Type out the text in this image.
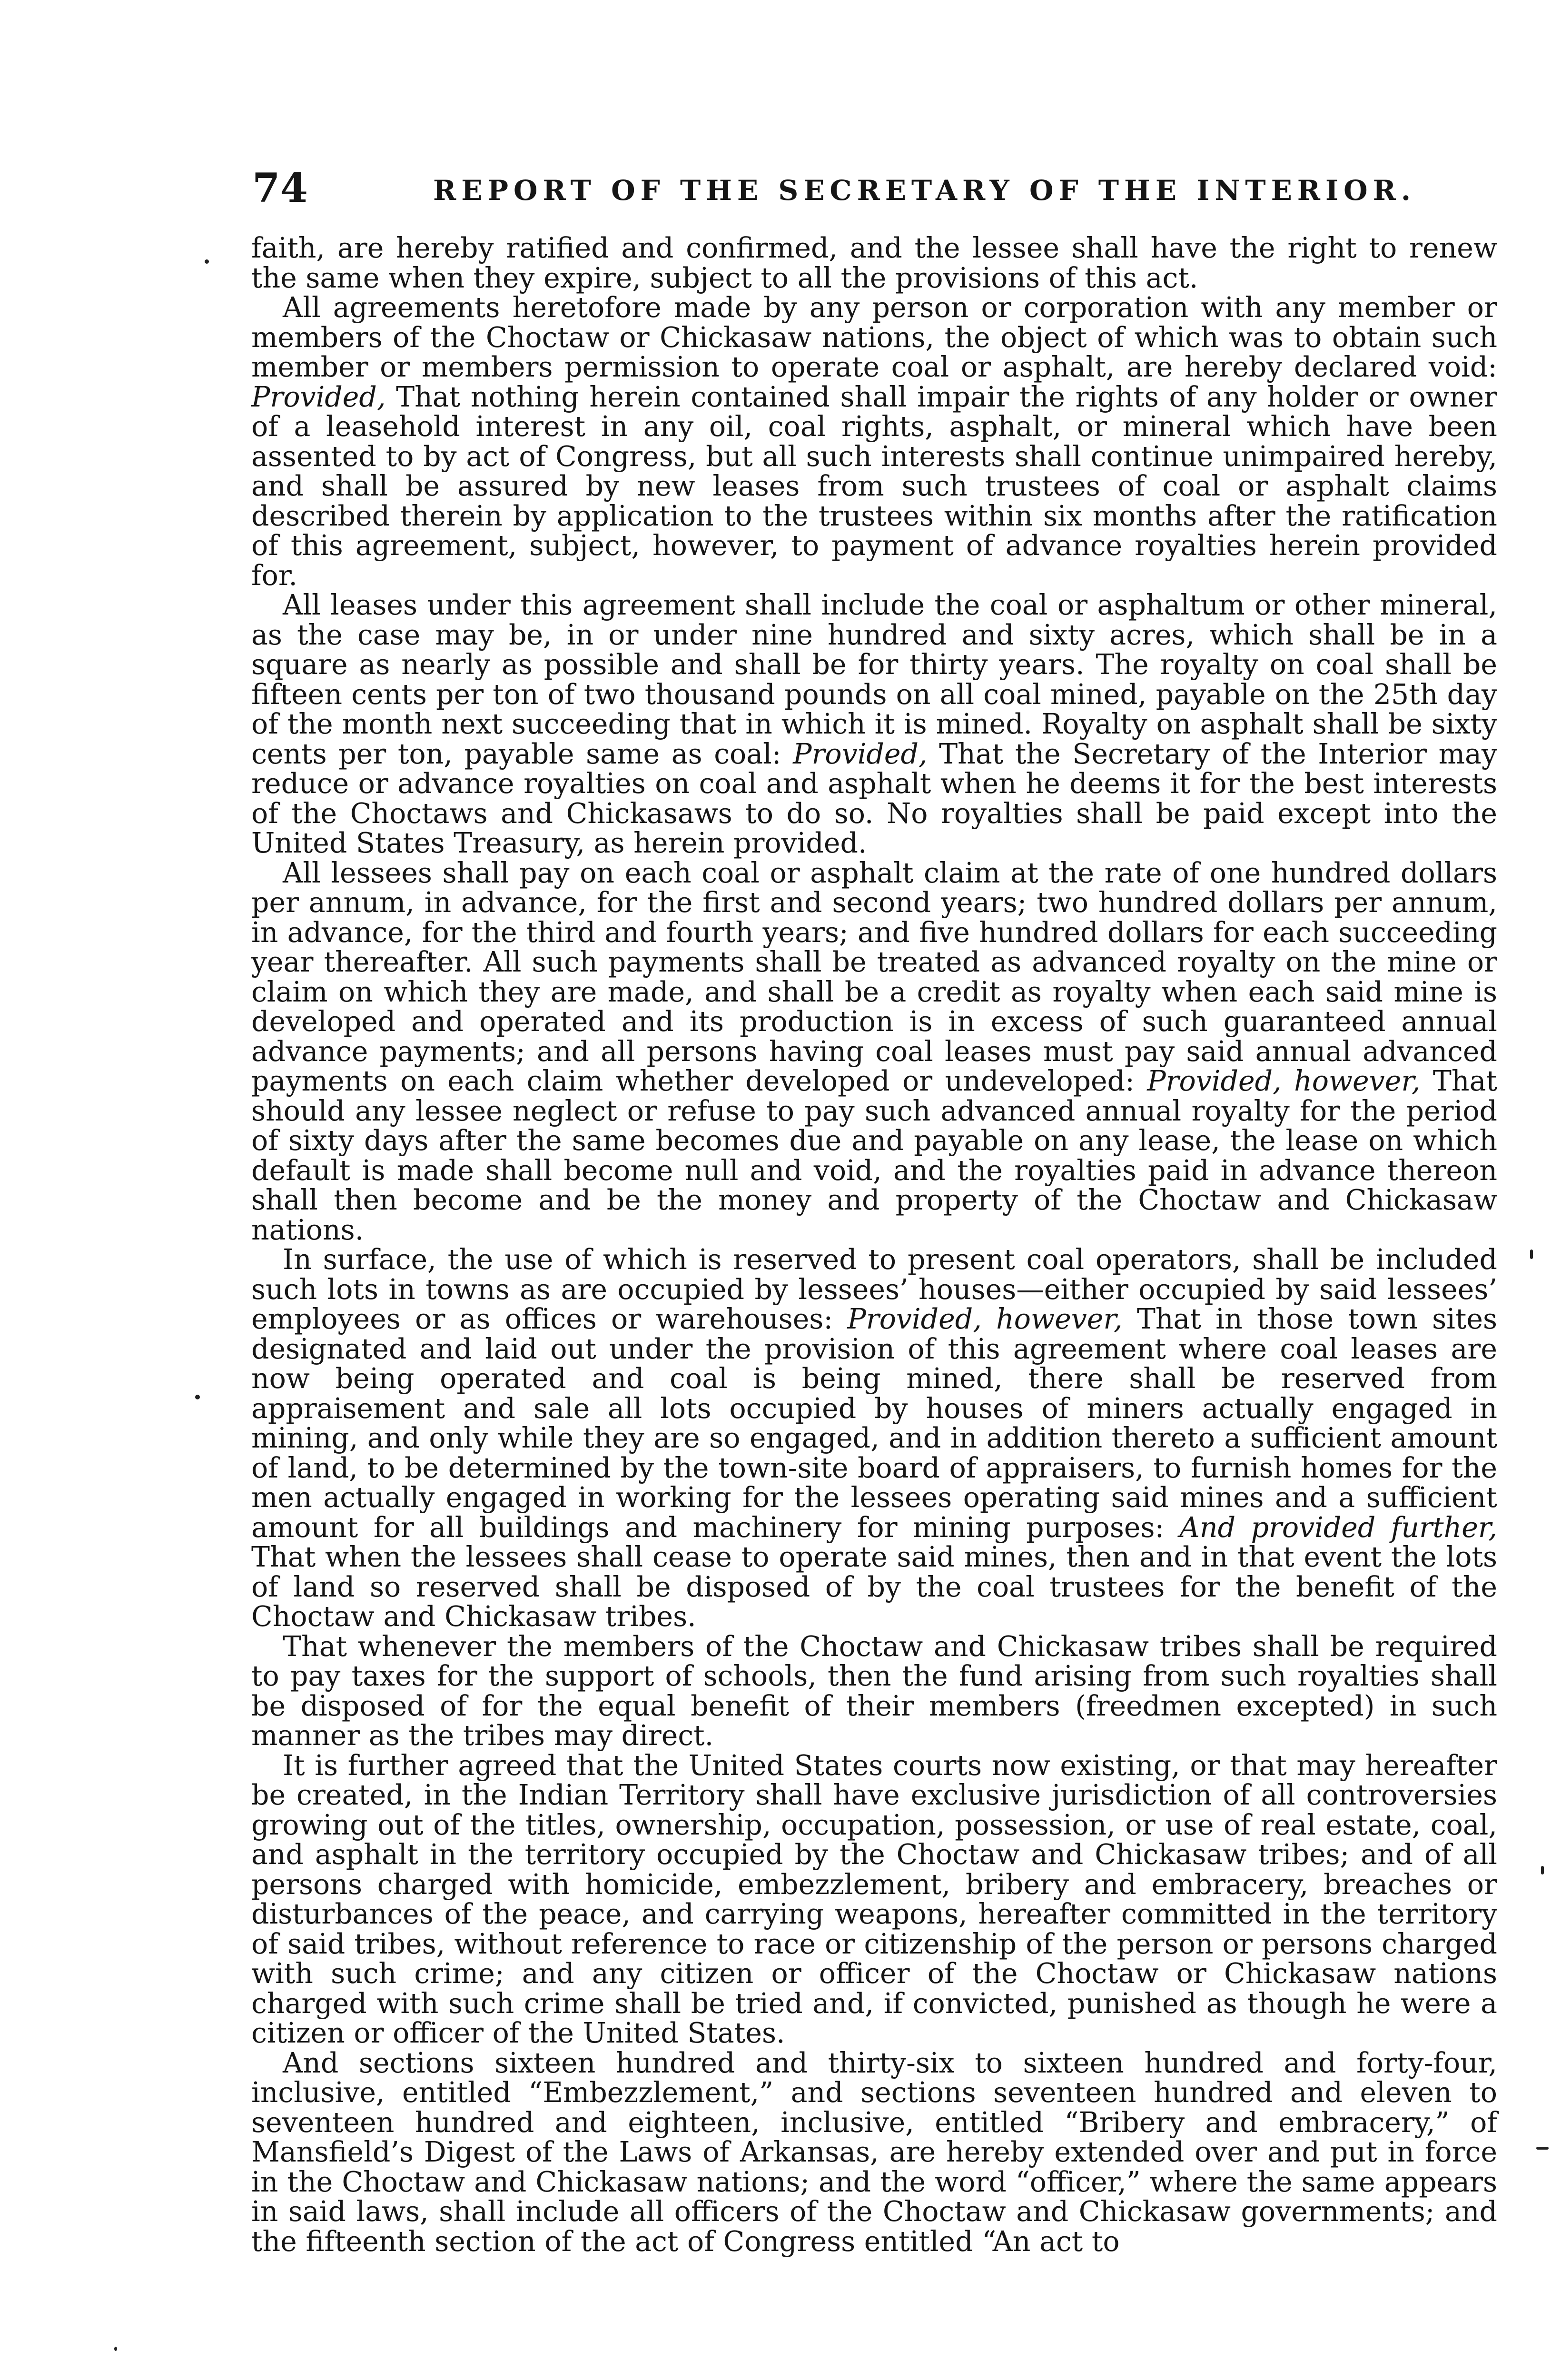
74	REPORT OF THE SECRETARY OF THE INTERIOR.

faith, are hereby ratified and confirmed, and the lessee shall have the right to renew the same when they expire, subject to all the provisions of this act.

All agreements heretofore made by any person or corporation with any member or members of the Choctaw or Chickasaw nations, the object of which was to obtain such member or members permission to operate coal or asphalt, are hereby declared void: Provided, That nothing herein contained shall impair the rights of any holder or owner of a leasehold interest in any oil, coal rights, asphalt, or mineral which have been assented to by act of Congress, but all such interests shall continue unimpaired hereby, and shall be assured by new leases from such trustees of coal or asphalt claims described therein by application to the trustees within six months after the ratification of this agreement, subject, however, to payment of advance royalties herein provided for.

All leases under this agreement shall include the coal or asphaltum or other mineral, as the case may be, in or under nine hundred and sixty acres, which shall be in a square as nearly as possible and shall be for thirty years. The royalty on coal shall be fifteen cents per ton of two thousand pounds on all coal mined, payable on the 25th day of the month next succeeding that in which it is mined. Royalty on asphalt shall be sixty cents per ton, payable same as coal: Provided, That the Secretary of the Interior may reduce or advance royalties on coal and asphalt when he deems it for the best interests of the Choctaws and Chickasaws to do so. No royalties shall be paid except into the United States Treasury, as herein provided.

All lessees shall pay on each coal or asphalt claim at the rate of one hundred dollars per annum, in advance, for the first and second years; two hundred dollars per annum, in advance, for the third and fourth years; and five hundred dollars for each succeeding year thereafter. All such payments shall be treated as advanced royalty on the mine or claim on which they are made, and shall be a credit as royalty when each said mine is developed and operated and its production is in excess of such guaranteed annual advance payments; and all persons having coal leases must pay said annual advanced payments on each claim whether developed or undeveloped: Provided, however, That should any lessee neglect or refuse to pay such advanced annual royalty for the period of sixty days after the same becomes due and payable on any lease, the lease on which default is made shall become null and void, and the royalties paid in advance thereon shall then become and be the money and property of the Choctaw and Chickasaw nations.

In surface, the use of which is reserved to present coal operators, shall be included such lots in towns as are occupied by lessees’ houses—either occupied by said lessees’ employees or as offices or warehouses: Provided, however, That in those town sites designated and laid out under the provision of this agreement where coal leases are now being operated and coal is being mined, there shall be reserved from appraisement and sale all lots occupied by houses of miners actually engaged in mining, and only while they are so engaged, and in addition thereto a sufficient amount of land, to be determined by the town-site board of appraisers, to furnish homes for the men actually engaged in working for the lessees operating said mines and a sufficient amount for all buildings and machinery for mining purposes: And provided further, That when the lessees shall cease to operate said mines, then and in that event the lots of land so reserved shall be disposed of by the coal trustees for the benefit of the Choctaw and Chickasaw tribes.

That whenever the members of the Choctaw and Chickasaw tribes shall be required to pay taxes for the support of schools, then the fund arising from such royalties shall be disposed of for the equal benefit of their members (freedmen excepted) in such manner as the tribes may direct.

It is further agreed that the United States courts now existing, or that may hereafter be created, in the Indian Territory shall have exclusive jurisdiction of all controversies growing out of the titles, ownership, occupation, possession, or use of real estate, coal, and asphalt in the territory occupied by the Choctaw and Chickasaw tribes; and of all persons charged with homicide, embezzlement, bribery and embracery, breaches or disturbances of the peace, and carrying weapons, hereafter committed in the territory of said tribes, without reference to race or citizenship of the person or persons charged with such crime; and any citizen or officer of the Choctaw or Chickasaw nations charged with such crime shall be tried and, if convicted, punished as though he were a citizen or officer of the United States.

And sections sixteen hundred and thirty-six to sixteen hundred and forty-four, inclusive, entitled “Embezzlement,” and sections seventeen hundred and eleven to seventeen hundred and eighteen, inclusive, entitled “Bribery and embracery,” of Mansfield’s Digest of the Laws of Arkansas, are hereby extended over and put in force in the Choctaw and Chickasaw nations; and the word “officer,” where the same appears in said laws, shall include all officers of the Choctaw and Chickasaw governments; and the fifteenth section of the act of Congress entitled “An act to
